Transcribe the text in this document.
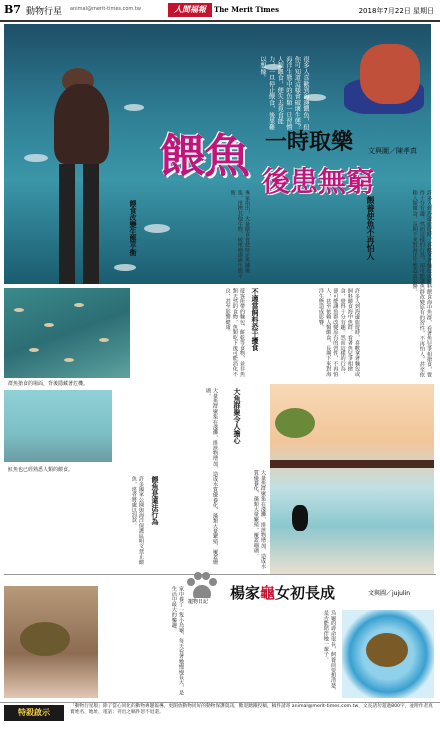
B7 動物行星 animal@merit-times.com.tw	人間福報	The Merit Times	2018年7月22日 星期日
很多人喜歡到海邊餵魚，但你可知道這樣會破壞生態？海洋生態中的魚類一旦習慣人類餵食，便失去覓食能力，一旦停止餵食，後果難以想像。
餵魚 一時取樂
後患無窮
文與圖／陳孝真
許多人到海邊旅遊時，喜歡拿著麵包或飼料餵食海中魚群，看著魚兒爭相搶食，覺得十分有趣。然而這樣的行為，卻可能讓魚群改變原有的習性，不再怕人，甚至依賴人類餵食，長期下來對海洋生態造成影響。
餵養使魚不再怕人
許多人到海邊旅遊時，喜歡拿著麵包或飼料餵食海中魚群，看著魚兒爭相搶食，覺得十分有趣。然而這樣的行為，卻可能讓魚群改變原有的習性，不再怕人，甚至依賴人類餵食，長期下來對海洋生態造成影響。
不適當飼料恐干擾食
遊客所帶的麵包、餅乾等食物，並非魚類天然的食物，魚類吃下後可能消化不良，甚至影響健康。
餵食改變生態平衡	專家指出，大量餵食會使特定魚種聚集，排擠其他生物，破壞珊瑚礁生態平衡。
群魚搶食的場面，背後隱藏著危機。
魟魚也已經熟悉人類的餵食。	大量魚群聚集在淺灘，排泄物增加，造成水質優養化，藻類大量繁殖，覆蓋珊瑚。	大魚群聚令人擔心
餵魚是違法行為
許多國家公園與海洋保護區明文禁止餵魚，違者將處以罰款。	大量魚群聚集在淺灘，排泄物增加，造成水質優養化，藻類大量繁殖，覆蓋珊瑚。
寵物日記 楊家龜女初長成	文與圖／jujulin
家中養了一隻小烏龜，每天看著牠慢慢長大，是生活中最大的樂趣。
烏龜的壽命很長，飼養前要想清楚，是否能陪伴牠一輩子。
特殺啟示
「動物行星版」除了當心同化的動物專題報導，更開放動物同好的動物保護資訊，歡迎踴躍投稿，稿件請寄 animal@merit-times.com.tw，文長請勿超過800字，並附作者真實姓名、地址、電話；刊出之稿件恕不退還。
